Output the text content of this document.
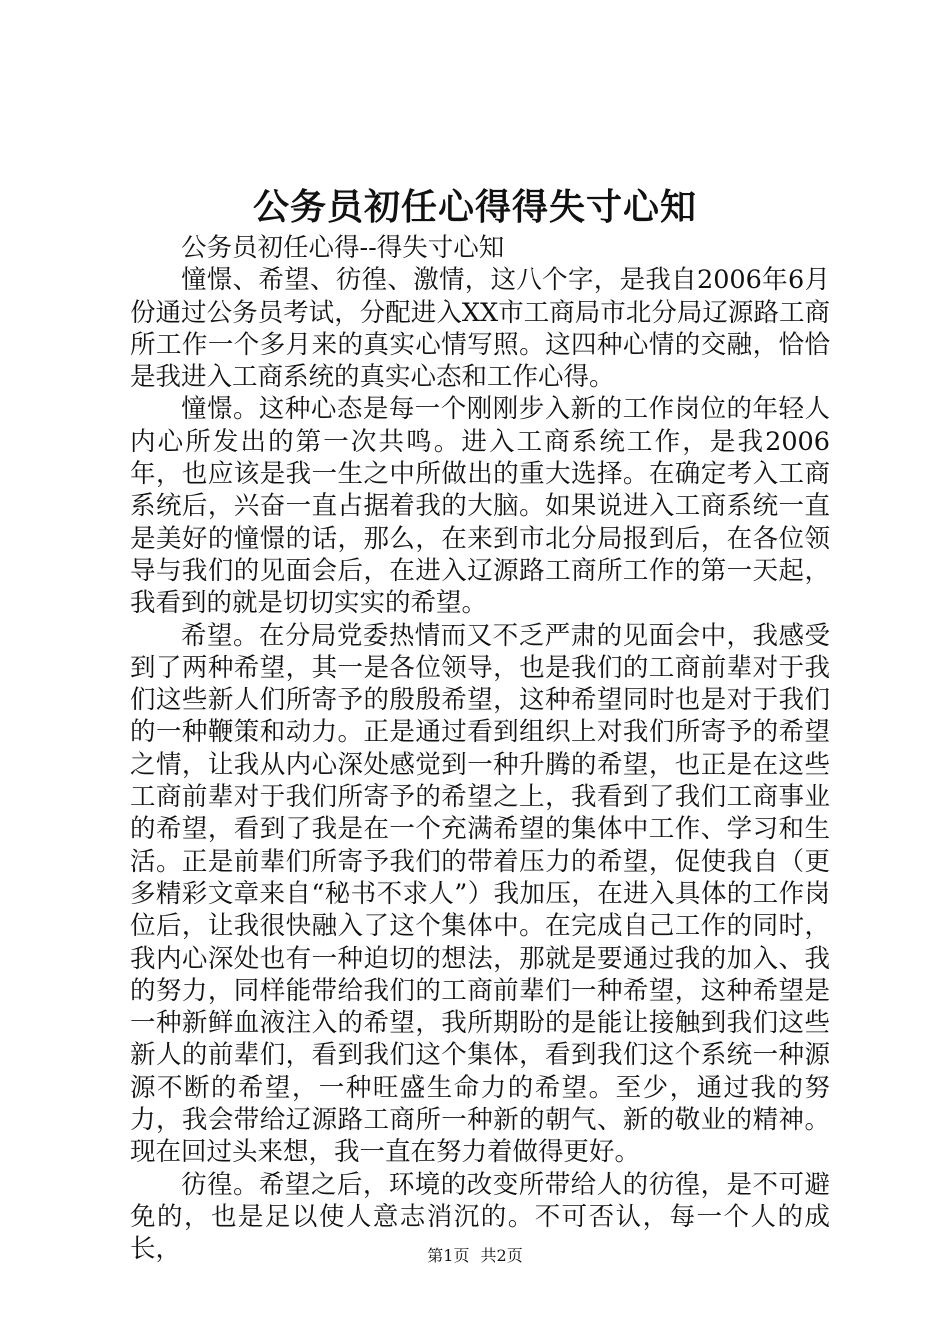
公务员初任心得得失寸心知

公务员初任心得--得失寸心知

憧憬、希望、彷徨、激情，这八个字，是我自2006年6月份通过公务员考试，分配进入XX市工商局市北分局辽源路工商所工作一个多月来的真实心情写照。这四种心情的交融，恰恰是我进入工商系统的真实心态和工作心得。

憧憬。这种心态是每一个刚刚步入新的工作岗位的年轻人内心所发出的第一次共鸣。进入工商系统工作，是我2006年，也应该是我一生之中所做出的重大选择。在确定考入工商系统后，兴奋一直占据着我的大脑。如果说进入工商系统一直是美好的憧憬的话，那么，在来到市北分局报到后，在各位领导与我们的见面会后，在进入辽源路工商所工作的第一天起，我看到的就是切切实实的希望。

希望。在分局党委热情而又不乏严肃的见面会中，我感受到了两种希望，其一是各位领导，也是我们的工商前辈对于我们这些新人们所寄予的殷殷希望，这种希望同时也是对于我们的一种鞭策和动力。正是通过看到组织上对我们所寄予的希望之情，让我从内心深处感觉到一种升腾的希望，也正是在这些工商前辈对于我们所寄予的希望之上，我看到了我们工商事业的希望，看到了我是在一个充满希望的集体中工作、学习和生活。正是前辈们所寄予我们的带着压力的希望，促使我自（更多精彩文章来自“秘书不求人”）我加压，在进入具体的工作岗位后，让我很快融入了这个集体中。在完成自己工作的同时，我内心深处也有一种迫切的想法，那就是要通过我的加入、我的努力，同样能带给我们的工商前辈们一种希望，这种希望是一种新鲜血液注入的希望，我所期盼的是能让接触到我们这些新人的前辈们，看到我们这个集体，看到我们这个系统一种源源不断的希望，一种旺盛生命力的希望。至少，通过我的努力，我会带给辽源路工商所一种新的朝气、新的敬业的精神。现在回过头来想，我一直在努力着做得更好。

彷徨。希望之后，环境的改变所带给人的彷徨，是不可避免的，也是足以使人意志消沉的。不可否认，每一个人的成长，	第1页 共2页
